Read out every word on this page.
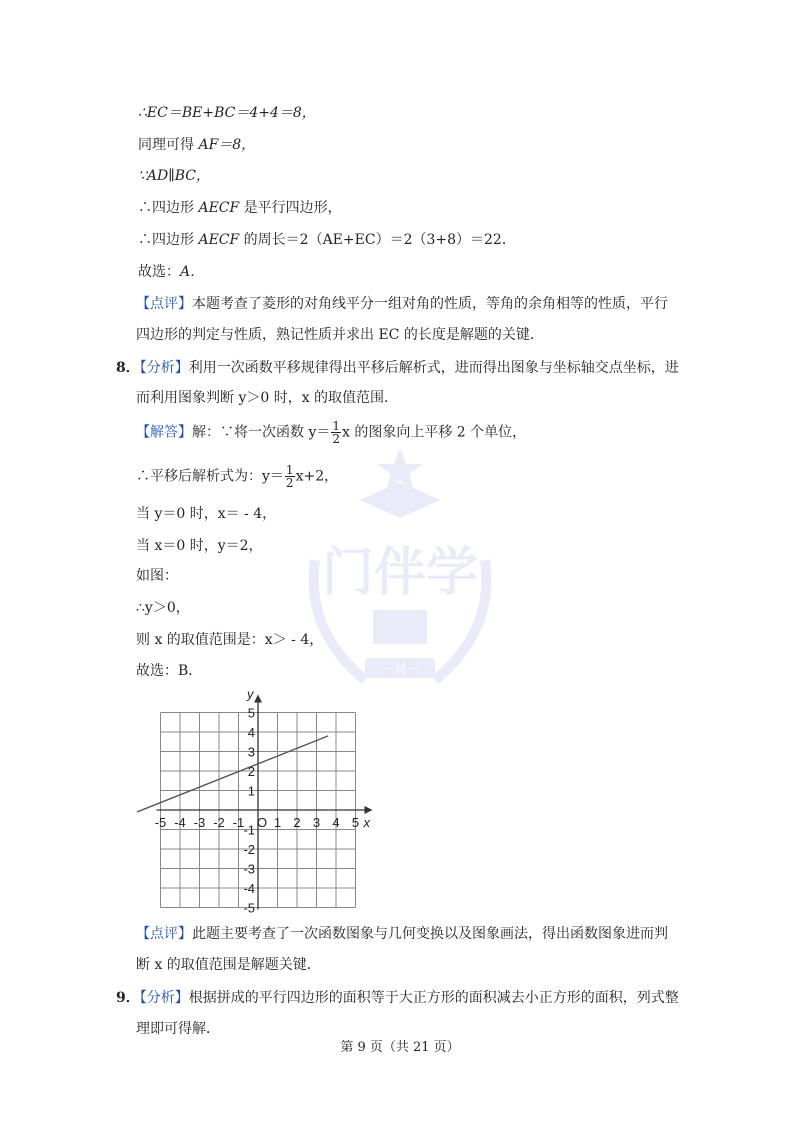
门伴学
一对一
∴EC＝BE+BC＝4+4＝8，
同理可得 AF＝8，
∵AD∥BC，
∴四边形 AECF 是平行四边形，
∴四边形 AECF 的周长＝2（AE+EC）＝2（3+8）＝22．
故选：A．
【点评】本题考查了菱形的对角线平分一组对角的性质，等角的余角相等的性质，平行
四边形的判定与性质，熟记性质并求出 EC 的长度是解题的关键．
8．【分析】利用一次函数平移规律得出平移后解析式，进而得出图象与坐标轴交点坐标，进
而利用图象判断 y＞0 时，x 的取值范围．
【解答】解：∵将一次函数 $y= \frac{1}{2}$ x 的图象向上平移 2 个单位，
∴平移后解析式为：$y= \frac{1}{2} x+2$，
当 y＝0 时，x＝ - 4，
当 x＝0 时，y＝2，
如图：
∴y＞0，
则 x 的取值范围是：x＞ - 4，
故选：B．
x
y
-5 -4 -3 -2 -1 O 1 2 3 4 5
5
4
3
2
1
-1
-2
-3
-4
-5
【点评】此题主要考查了一次函数图象与几何变换以及图象画法，得出函数图象进而判
断 x 的取值范围是解题关键．
9．【分析】根据拼成的平行四边形的面积等于大正方形的面积减去小正方形的面积，列式整
理即可得解．
第 9 页（共 21 页）
